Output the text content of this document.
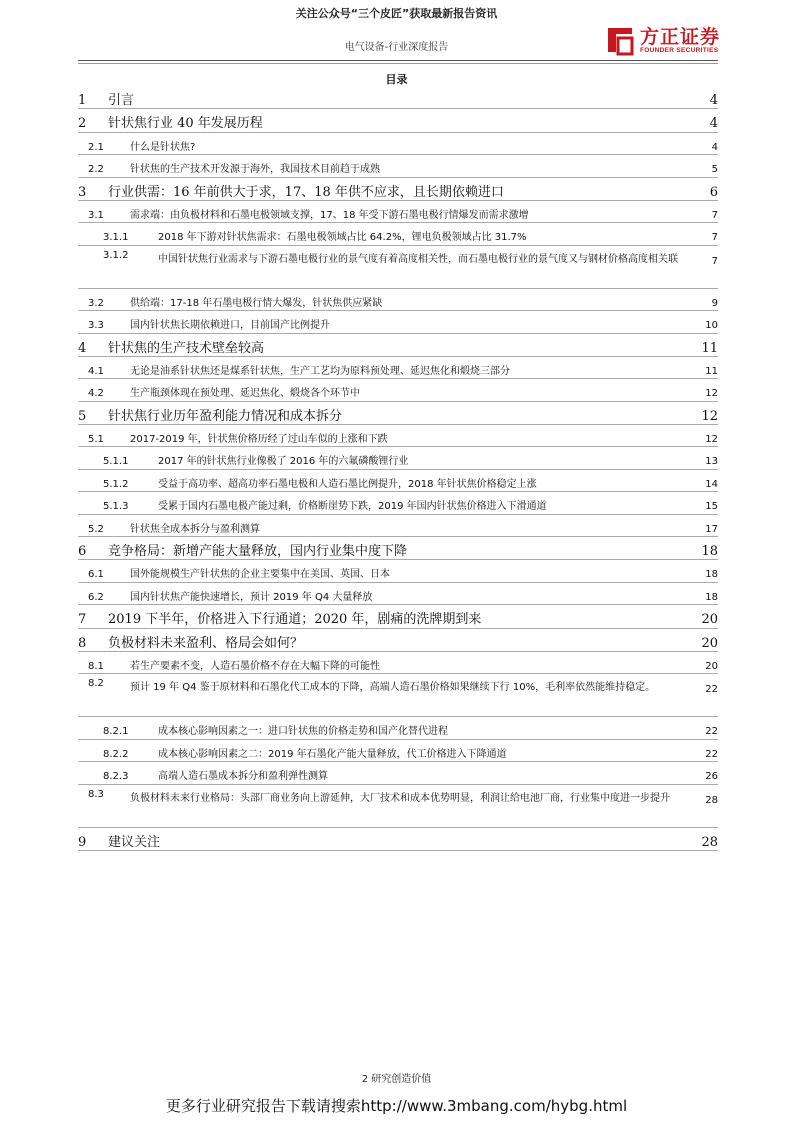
关注公众号“三个皮匠”获取最新报告资讯
电气设备-行业深度报告	方正证券
FOUNDER SECURITIES
目录
1	引言	4
2	针状焦行业 40 年发展历程	4
2.1	什么是针状焦?	4
2.2	针状焦的生产技术开发源于海外，我国技术目前趋于成熟	5
3	行业供需：16 年前供大于求，17、18 年供不应求，且长期依赖进口	6
3.1	需求端：由负极材料和石墨电极领域支撑，17、18 年受下游石墨电极行情爆发而需求激增	7
3.1.1	2018 年下游对针状焦需求：石墨电极领域占比 64.2%，锂电负极领域占比 31.7%	7
3.1.2	中国针状焦行业需求与下游石墨电极行业的景气度有着高度相关性，而石墨电极行业的景气度又与钢材价格高度相关联	7
3.2	供给端：17-18 年石墨电极行情大爆发，针状焦供应紧缺	9
3.3	国内针状焦长期依赖进口，目前国产比例提升	10
4	针状焦的生产技术壁垒较高	11
4.1	无论是油系针状焦还是煤系针状焦，生产工艺均为原料预处理、延迟焦化和煅烧三部分	11
4.2	生产瓶颈体现在预处理、延迟焦化、煅烧各个环节中	12
5	针状焦行业历年盈利能力情况和成本拆分	12
5.1	2017-2019 年，针状焦价格历经了过山车似的上涨和下跌	12
5.1.1	2017 年的针状焦行业像极了 2016 年的六氟磷酸锂行业	13
5.1.2	受益于高功率、超高功率石墨电极和人造石墨比例提升，2018 年针状焦价格稳定上涨	14
5.1.3	受累于国内石墨电极产能过剩，价格断崖势下跌，2019 年国内针状焦价格进入下滑通道	15
5.2	针状焦全成本拆分与盈利测算	17
6	竞争格局：新增产能大量释放，国内行业集中度下降	18
6.1	国外能规模生产针状焦的企业主要集中在美国、英国、日本	18
6.2	国内针状焦产能快速增长，预计 2019 年 Q4 大量释放	18
7	2019 下半年，价格进入下行通道；2020 年，剧痛的洗牌期到来	20
8	负极材料未来盈利、格局会如何？	20
8.1	若生产要素不变，人造石墨价格不存在大幅下降的可能性	20
8.2	预计 19 年 Q4 鉴于原材料和石墨化代工成本的下降，高端人造石墨价格如果继续下行 10%，毛利率依然能维持稳定。	22
8.2.1	成本核心影响因素之一：进口针状焦的价格走势和国产化替代进程	22
8.2.2	成本核心影响因素之二：2019 年石墨化产能大量释放，代工价格进入下降通道	22
8.2.3	高端人造石墨成本拆分和盈利弹性测算	26
8.3	负极材料未来行业格局：头部厂商业务向上游延伸，大厂技术和成本优势明显，利润让给电池厂商，行业集中度进一步提升	28
9	建议关注	28
2 研究创造价值
更多行业研究报告下载请搜索http://www.3mbang.com/hybg.html
